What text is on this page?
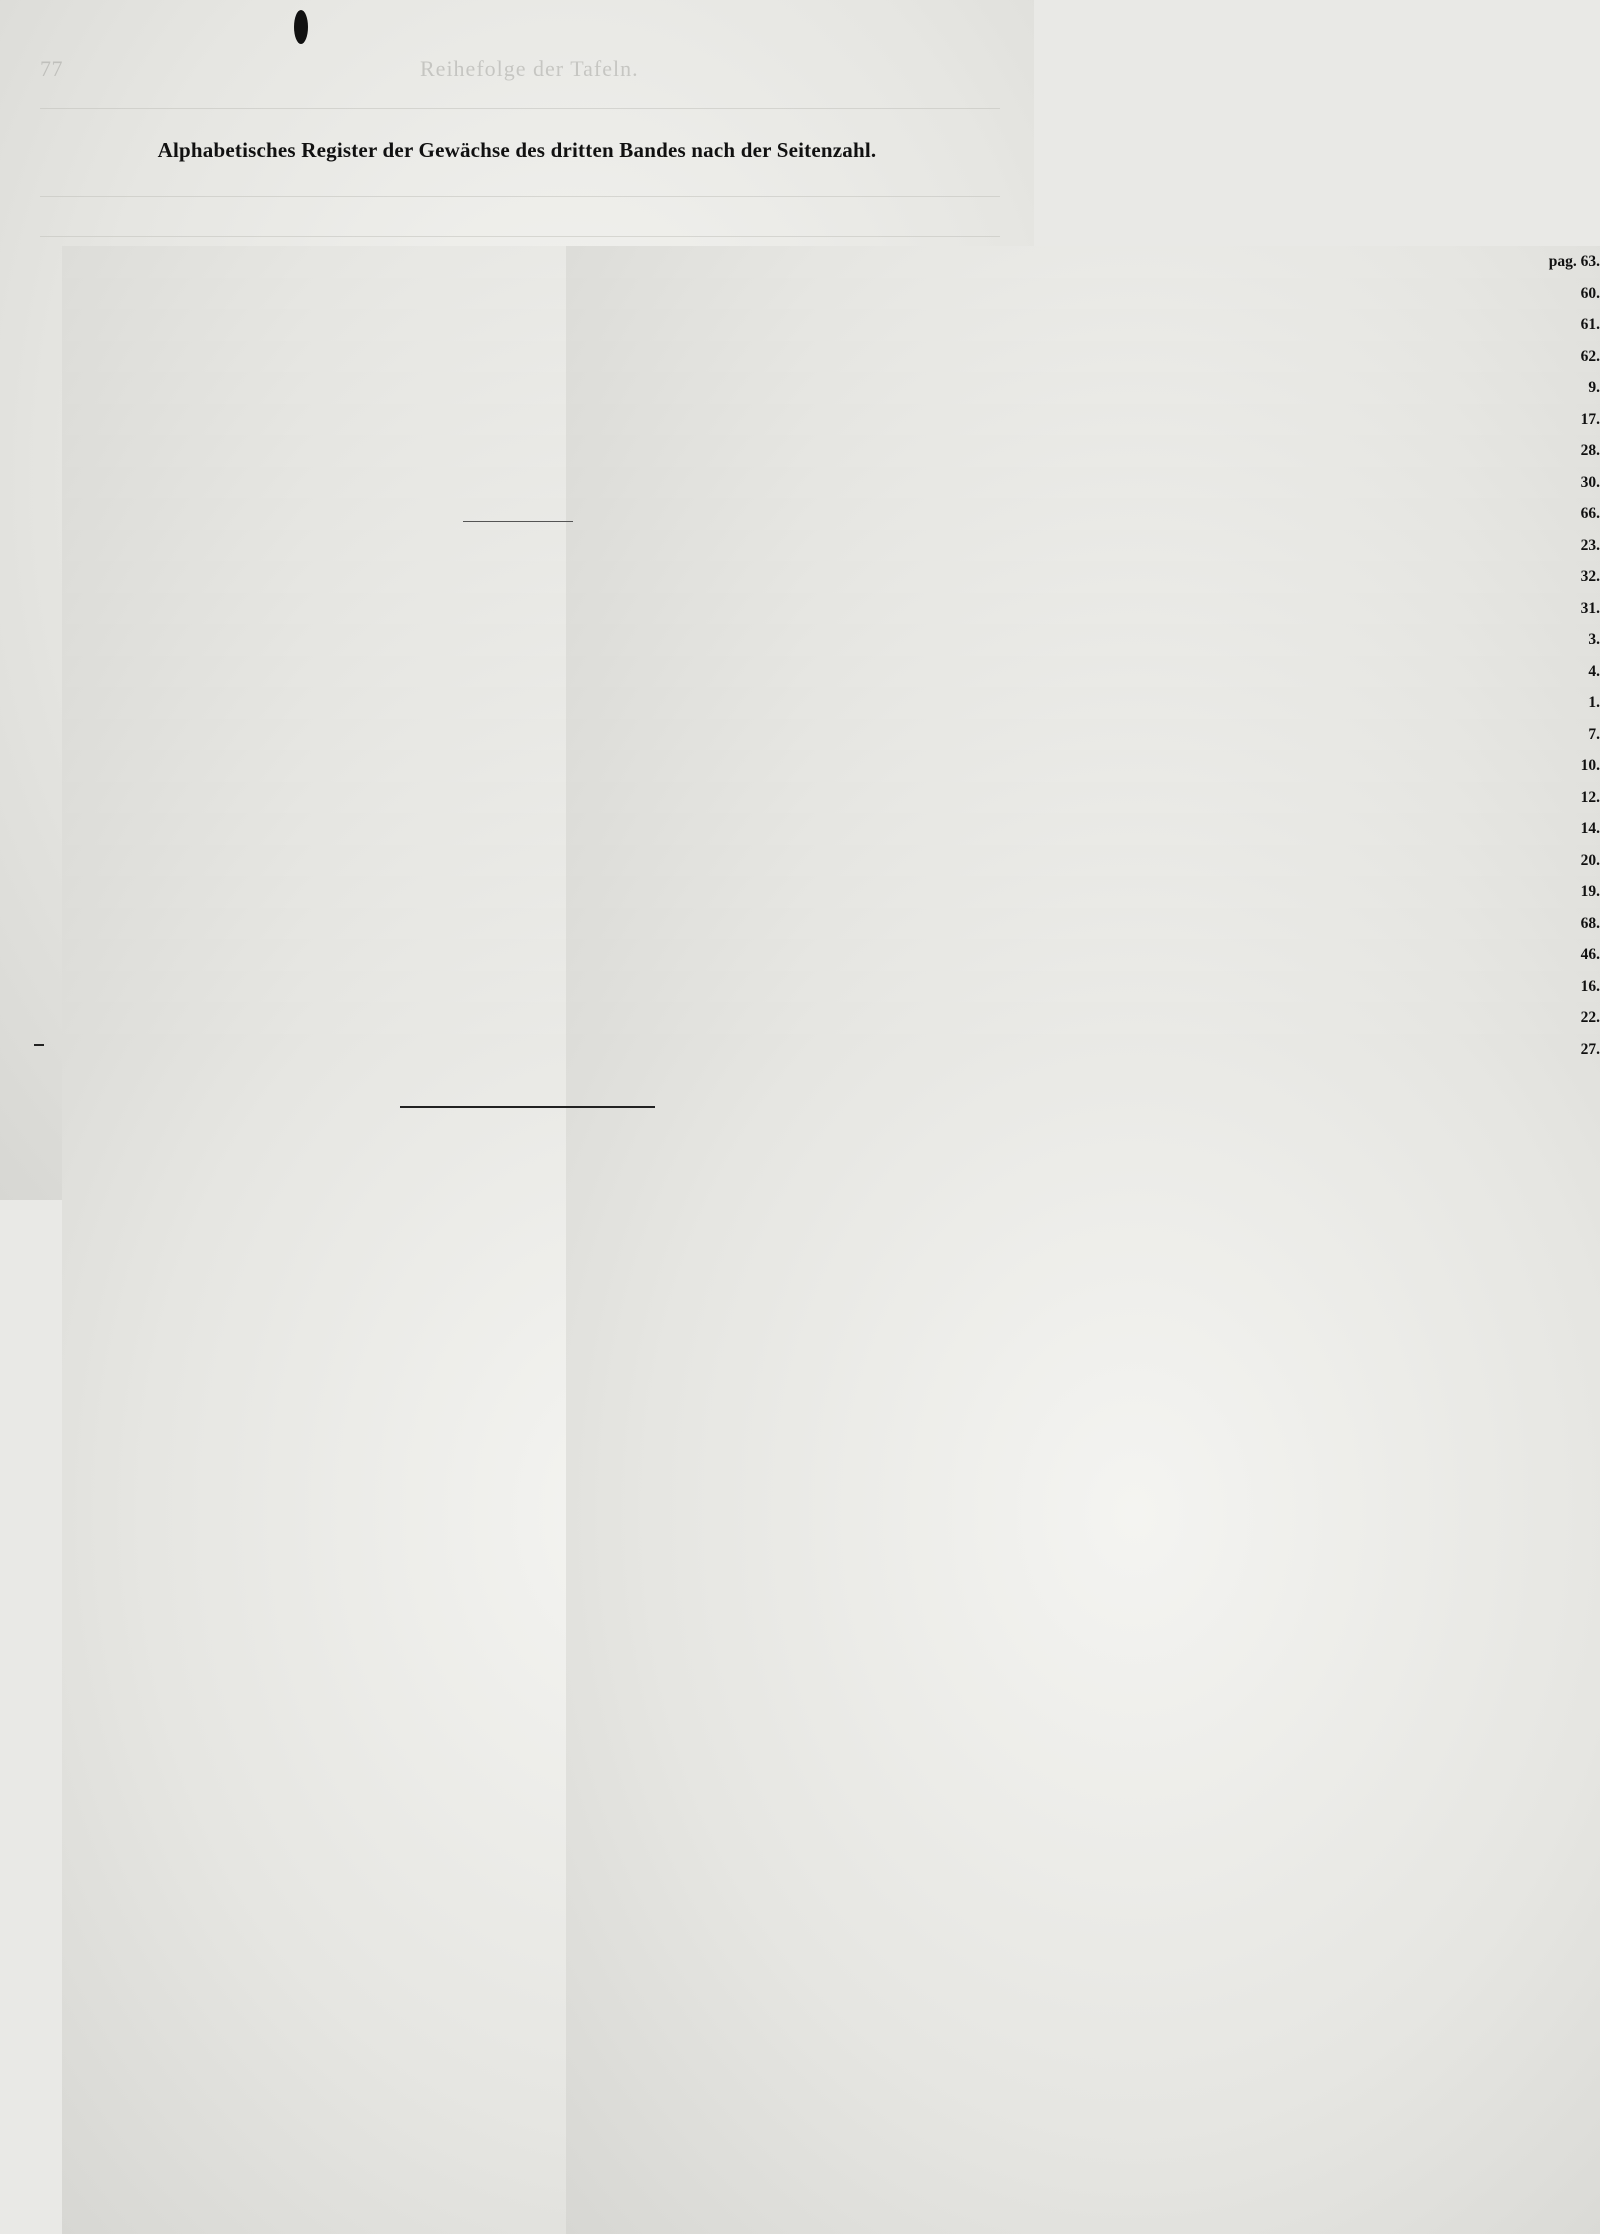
77	Reihefolge der Tafeln.
Alphabetisches Register der Gewächse des dritten Bandes nach der Seitenzahl.
pag. 63.
60.
61.
62.
9.
17.
28.
30.
66.
23.
32.
31.
3.
4.
1.
7.
10.
12.
14.
20.
19.
68.
46.
16.
22.
27.
